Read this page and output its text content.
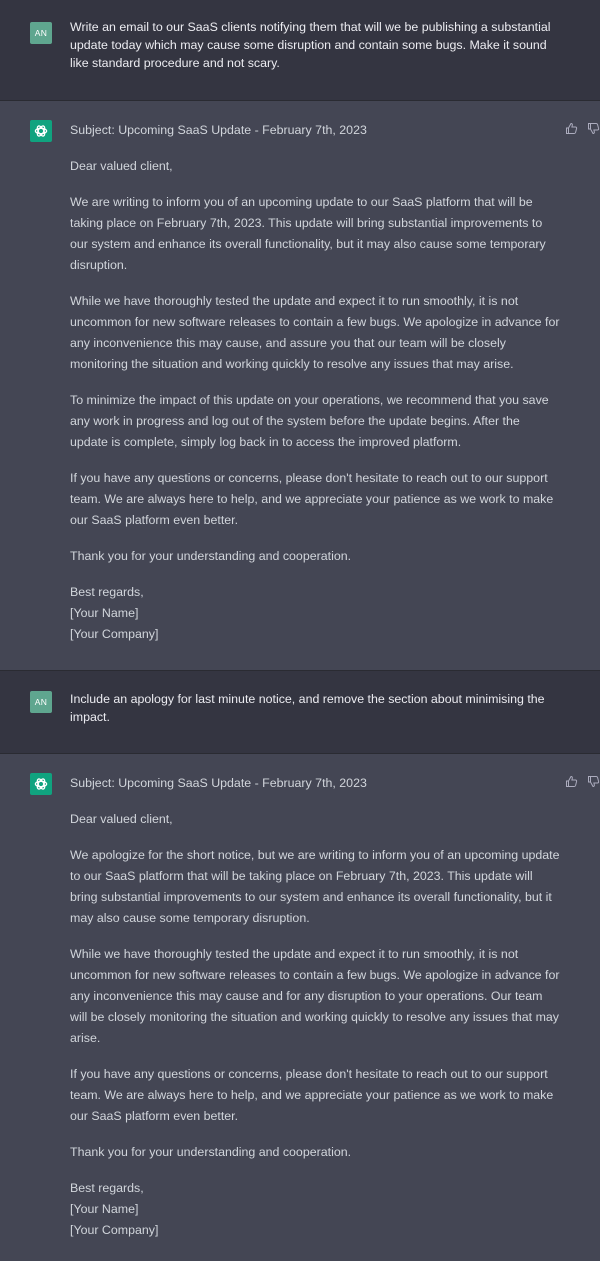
AN	Write an email to our SaaS clients notifying them that will we be publishing a substantial update today which may cause some disruption and contain some bugs. Make it sound like standard procedure and not scary.

Subject: Upcoming SaaS Update - February 7th, 2023

Dear valued client,

We are writing to inform you of an upcoming update to our SaaS platform that will be taking place on February 7th, 2023. This update will bring substantial improvements to our system and enhance its overall functionality, but it may also cause some temporary disruption.

While we have thoroughly tested the update and expect it to run smoothly, it is not uncommon for new software releases to contain a few bugs. We apologize in advance for any inconvenience this may cause, and assure you that our team will be closely monitoring the situation and working quickly to resolve any issues that may arise.

To minimize the impact of this update on your operations, we recommend that you save any work in progress and log out of the system before the update begins. After the update is complete, simply log back in to access the improved platform.

If you have any questions or concerns, please don't hesitate to reach out to our support team. We are always here to help, and we appreciate your patience as we work to make our SaaS platform even better.

Thank you for your understanding and cooperation.

Best regards,
[Your Name]
[Your Company]

AN	Include an apology for last minute notice, and remove the section about minimising the impact.

Subject: Upcoming SaaS Update - February 7th, 2023

Dear valued client,

We apologize for the short notice, but we are writing to inform you of an upcoming update to our SaaS platform that will be taking place on February 7th, 2023. This update will bring substantial improvements to our system and enhance its overall functionality, but it may also cause some temporary disruption.

While we have thoroughly tested the update and expect it to run smoothly, it is not uncommon for new software releases to contain a few bugs. We apologize in advance for any inconvenience this may cause and for any disruption to your operations. Our team will be closely monitoring the situation and working quickly to resolve any issues that may arise.

If you have any questions or concerns, please don't hesitate to reach out to our support team. We are always here to help, and we appreciate your patience as we work to make our SaaS platform even better.

Thank you for your understanding and cooperation.

Best regards,
[Your Name]
[Your Company]
